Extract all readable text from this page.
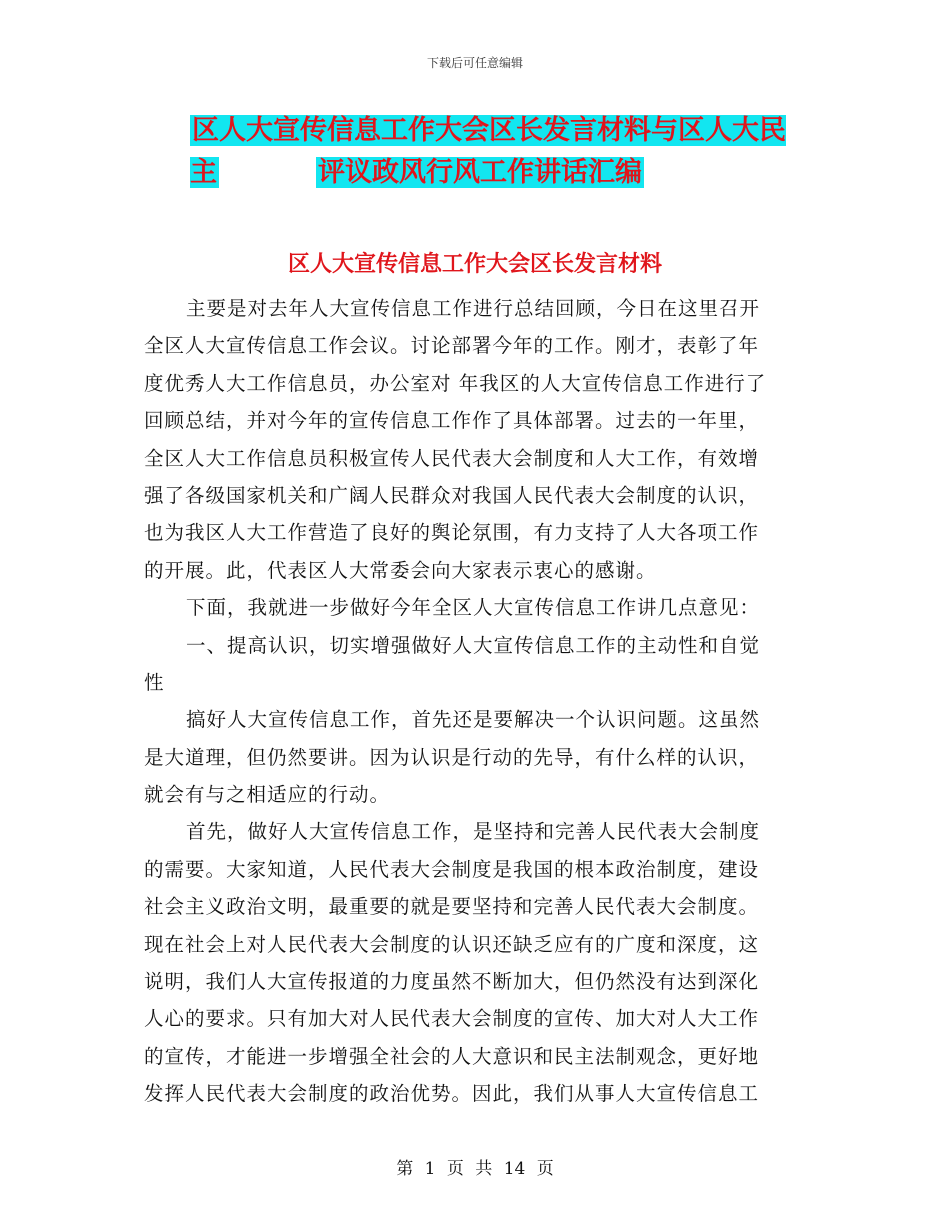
下载后可任意编辑
区人大宣传信息工作大会区长发言材料与区人大民主	评议政风行风工作讲话汇编
区人大宣传信息工作大会区长发言材料
主要是对去年人大宣传信息工作进行总结回顾，今日在这里召开
全区人大宣传信息工作会议。讨论部署今年的工作。刚才，表彰了年
度优秀人大工作信息员，办公室对 年我区的人大宣传信息工作进行了
回顾总结，并对今年的宣传信息工作作了具体部署。过去的一年里，
全区人大工作信息员积极宣传人民代表大会制度和人大工作，有效增
强了各级国家机关和广阔人民群众对我国人民代表大会制度的认识，
也为我区人大工作营造了良好的舆论氛围，有力支持了人大各项工作
的开展。此，代表区人大常委会向大家表示衷心的感谢。
下面，我就进一步做好今年全区人大宣传信息工作讲几点意见：
一、提高认识，切实增强做好人大宣传信息工作的主动性和自觉
性
搞好人大宣传信息工作，首先还是要解决一个认识问题。这虽然
是大道理，但仍然要讲。因为认识是行动的先导，有什么样的认识，
就会有与之相适应的行动。
首先，做好人大宣传信息工作，是坚持和完善人民代表大会制度
的需要。大家知道，人民代表大会制度是我国的根本政治制度，建设
社会主义政治文明，最重要的就是要坚持和完善人民代表大会制度。
现在社会上对人民代表大会制度的认识还缺乏应有的广度和深度，这
说明，我们人大宣传报道的力度虽然不断加大，但仍然没有达到深化
人心的要求。只有加大对人民代表大会制度的宣传、加大对人大工作
的宣传，才能进一步增强全社会的人大意识和民主法制观念，更好地
发挥人民代表大会制度的政治优势。因此，我们从事人大宣传信息工
第 1 页 共 14 页
